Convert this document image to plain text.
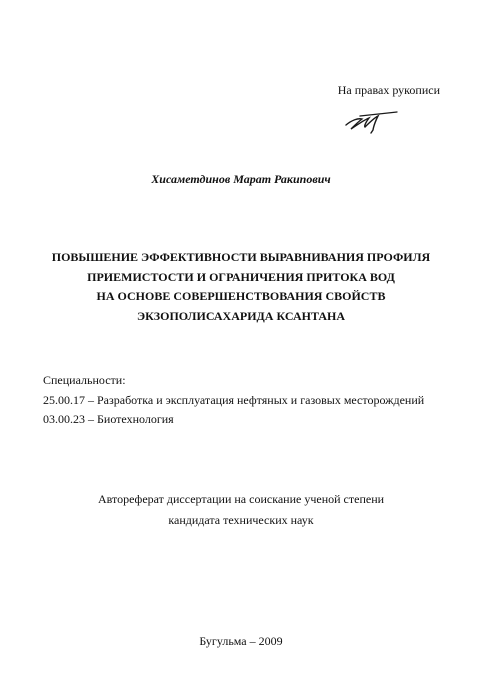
На правах рукописи
Хисаметдинов Марат Ракипович
ПОВЫШЕНИЕ ЭФФЕКТИВНОСТИ ВЫРАВНИВАНИЯ ПРОФИЛЯ
ПРИЕМИСТОСТИ И ОГРАНИЧЕНИЯ ПРИТОКА ВОД
НА ОСНОВЕ СОВЕРШЕНСТВОВАНИЯ СВОЙСТВ
ЭКЗОПОЛИСАХАРИДА КСАНТАНА
Специальности:
25.00.17 – Разработка и эксплуатация нефтяных и газовых месторождений
03.00.23 – Биотехнология
Автореферат диссертации на соискание ученой степени
кандидата технических наук
Бугульма – 2009
